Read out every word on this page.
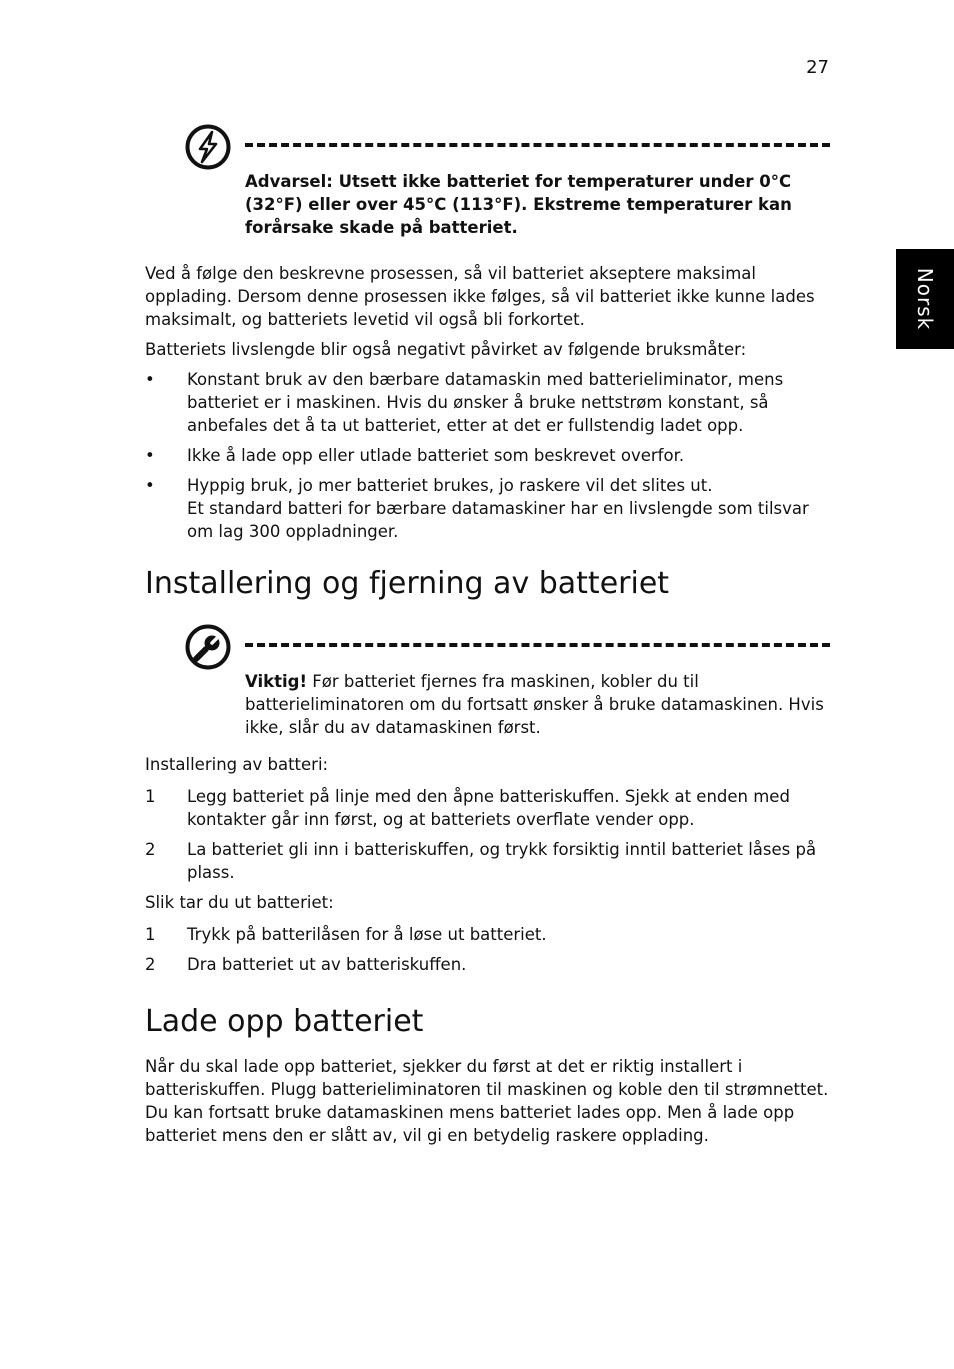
27
Norsk
Advarsel: Utsett ikke batteriet for temperaturer under 0°C (32°F) eller over 45°C (113°F). Ekstreme temperaturer kan forårsake skade på batteriet.

Ved å følge den beskrevne prosessen, så vil batteriet akseptere maksimal opplading. Dersom denne prosessen ikke følges, så vil batteriet ikke kunne lades maksimalt, og batteriets levetid vil også bli forkortet.

Batteriets livslengde blir også negativt påvirket av følgende bruksmåter:

• Konstant bruk av den bærbare datamaskin med batterieliminator, mens batteriet er i maskinen. Hvis du ønsker å bruke nettstrøm konstant, så anbefales det å ta ut batteriet, etter at det er fullstendig ladet opp.
• Ikke å lade opp eller utlade batteriet som beskrevet overfor.
• Hyppig bruk, jo mer batteriet brukes, jo raskere vil det slites ut.
Et standard batteri for bærbare datamaskiner har en livslengde som tilsvar om lag 300 oppladninger.
Installering og fjerning av batteriet
Viktig! Før batteriet fjernes fra maskinen, kobler du til batterieliminatoren om du fortsatt ønsker å bruke datamaskinen. Hvis ikke, slår du av datamaskinen først.
Installering av batteri:
1 Legg batteriet på linje med den åpne batteriskuffen. Sjekk at enden med kontakter går inn først, og at batteriets overflate vender opp.
2 La batteriet gli inn i batteriskuffen, og trykk forsiktig inntil batteriet låses på plass.
Slik tar du ut batteriet:
1 Trykk på batterilåsen for å løse ut batteriet.
2 Dra batteriet ut av batteriskuffen.
Lade opp batteriet

Når du skal lade opp batteriet, sjekker du først at det er riktig installert i batteriskuffen. Plugg batterieliminatoren til maskinen og koble den til strømnettet. Du kan fortsatt bruke datamaskinen mens batteriet lades opp. Men å lade opp batteriet mens den er slått av, vil gi en betydelig raskere opplading.
